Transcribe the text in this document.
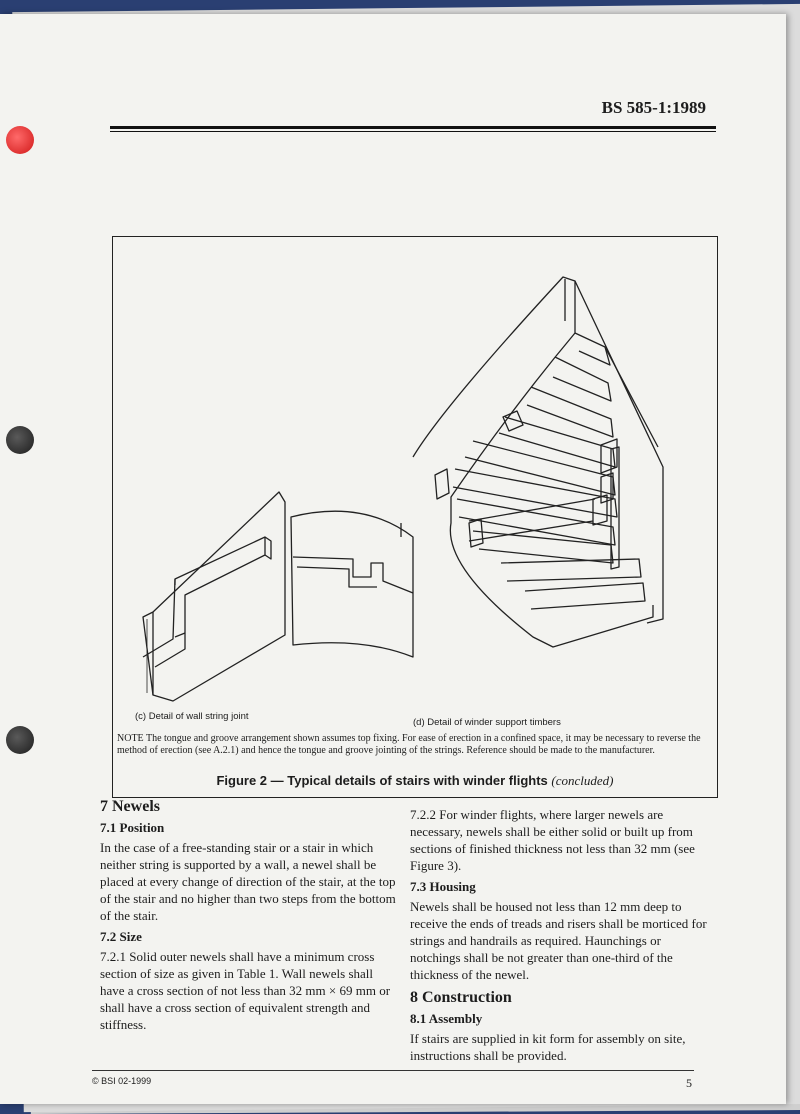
BS 585-1:1989
(c) Detail of wall string joint
(d) Detail of winder support timbers
NOTE The tongue and groove arrangement shown assumes top fixing. For ease of erection in a confined space, it may be necessary to reverse the method of erection (see A.2.1) and hence the tongue and groove jointing of the strings. Reference should be made to the manufacturer.
Figure 2 — Typical details of stairs with winder flights (concluded)
7 Newels
7.1 Position

In the case of a free-standing stair or a stair in which neither string is supported by a wall, a newel shall be placed at every change of direction of the stair, at the top of the stair and no higher than two steps from the bottom of the stair.

7.2 Size

7.2.1 Solid outer newels shall have a minimum cross section of size as given in Table 1. Wall newels shall have a cross section of not less than 32 mm × 69 mm or shall have a cross section of equivalent strength and stiffness.

7.2.2 For winder flights, where larger newels are necessary, newels shall be either solid or built up from sections of finished thickness not less than 32 mm (see Figure 3).

7.3 Housing

Newels shall be housed not less than 12 mm deep to receive the ends of treads and risers shall be morticed for strings and handrails as required. Haunchings or notchings shall be not greater than one-third of the thickness of the newel.

8 Construction
8.1 Assembly

If stairs are supplied in kit form for assembly on site, instructions shall be provided.

© BSI 02-1999	5
